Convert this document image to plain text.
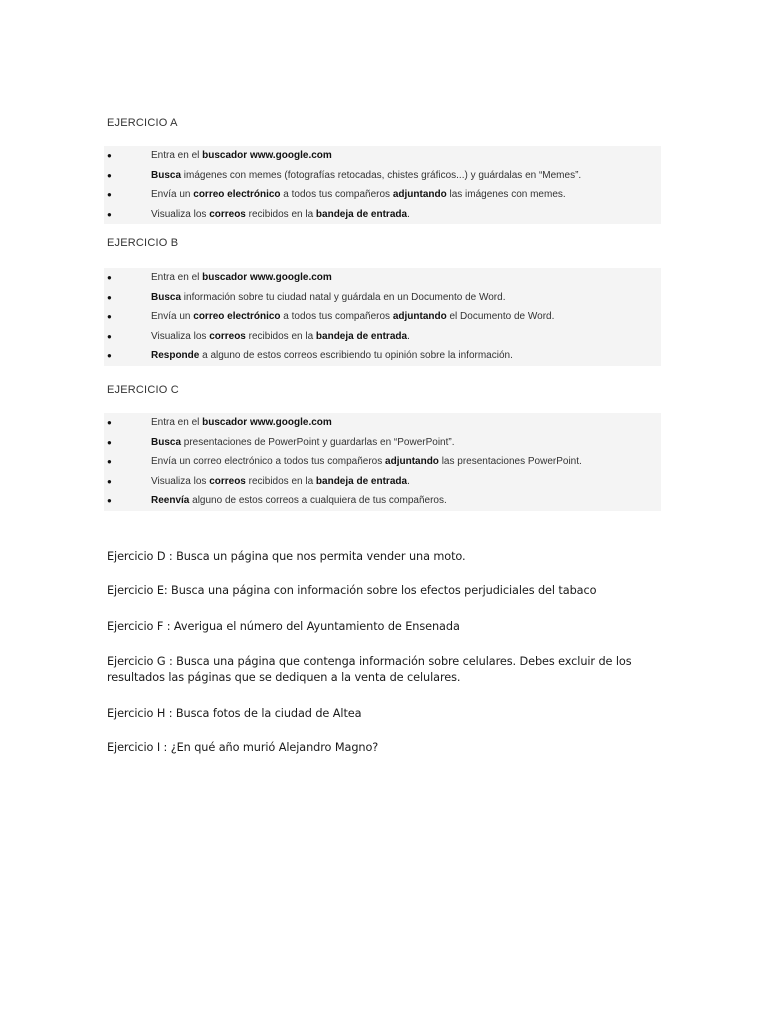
EJERCICIO A
●	Entra en el buscador www.google.com
●	Busca imágenes con memes (fotografías retocadas, chistes gráficos...) y guárdalas en “Memes”.
●	Envía un correo electrónico a todos tus compañeros adjuntando las imágenes con memes.
●	Visualiza los correos recibidos en la bandeja de entrada.
EJERCICIO B
●	Entra en el buscador www.google.com
●	Busca información sobre tu ciudad natal y guárdala en un Documento de Word.
●	Envía un correo electrónico a todos tus compañeros adjuntando el Documento de Word.
●	Visualiza los correos recibidos en la bandeja de entrada.
●	Responde a alguno de estos correos escribiendo tu opinión sobre la información.
EJERCICIO C
●	Entra en el buscador www.google.com
●	Busca presentaciones de PowerPoint y guardarlas en “PowerPoint”.
●	Envía un correo electrónico a todos tus compañeros adjuntando las presentaciones PowerPoint.
●	Visualiza los correos recibidos en la bandeja de entrada.
●	Reenvía alguno de estos correos a cualquiera de tus compañeros.
Ejercicio D : Busca un página que nos permita vender una moto.
Ejercicio E: Busca una página con información sobre los efectos perjudiciales del tabaco
Ejercicio F : Averigua el número del Ayuntamiento de Ensenada
Ejercicio G : Busca una página que contenga información sobre celulares. Debes excluir de los resultados las páginas que se dediquen a la venta de celulares.
Ejercicio H : Busca fotos de la ciudad de Altea
Ejercicio I : ¿En qué año murió Alejandro Magno?
